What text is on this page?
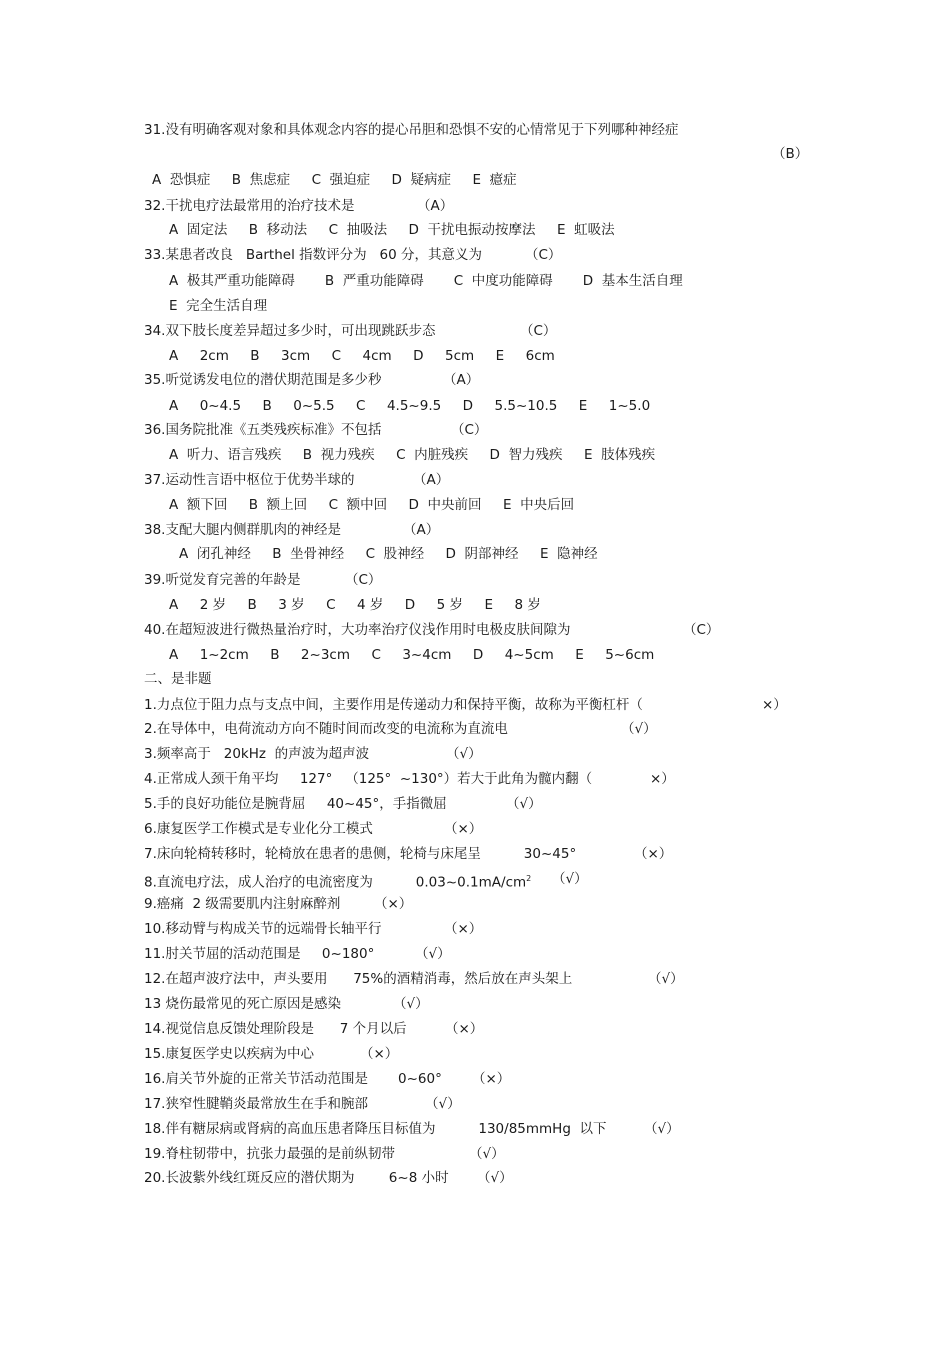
31.没有明确客观对象和具体观念内容的提心吊胆和恐惧不安的心情常见于下列哪种神经症
（B）
A  恐惧症     B  焦虑症     C  强迫症     D  疑病症     E  癔症
32.干扰电疗法最常用的治疗技术是	（A）
A  固定法     B  移动法     C  抽吸法     D  干扰电振动按摩法     E  虹吸法
33.某患者改良   Barthel 指数评分为   60 分，其意义为	（C）
A  极其严重功能障碍       B  严重功能障碍       C  中度功能障碍       D  基本生活自理
E  完全生活自理
34.双下肢长度差异超过多少时，可出现跳跃步态	（C）
A     2cm     B     3cm     C     4cm     D     5cm     E     6cm
35.听觉诱发电位的潜伏期范围是多少秒	（A）
A     0~4.5     B     0~5.5     C     4.5~9.5     D     5.5~10.5     E     1~5.0
36.国务院批准《五类残疾标准》不包括	（C）
A  听力、语言残疾     B  视力残疾     C  内脏残疾     D  智力残疾     E  肢体残疾
37.运动性言语中枢位于优势半球的	（A）
A  额下回     B  额上回     C  额中回     D  中央前回     E  中央后回
38.支配大腿内侧群肌肉的神经是	（A）
A  闭孔神经     B  坐骨神经     C  股神经     D  阴部神经     E  隐神经
39.听觉发育完善的年龄是	（C）
A     2 岁     B     3 岁     C     4 岁     D     5 岁     E     8 岁
40.在超短波进行微热量治疗时，大功率治疗仪浅作用时电极皮肤间隙为	（C）
A     1~2cm     B     2~3cm     C     3~4cm     D     4~5cm     E     5~6cm
二、是非题
1.力点位于阻力点与支点中间，主要作用是传递动力和保持平衡，故称为平衡杠杆（	×）
2.在导体中，电荷流动方向不随时间而改变的电流称为直流电	（√）
3.频率高于   20kHz  的声波为超声波	（√）
4.正常成人颈干角平均     127°   （125°  ~130°）若大于此角为髋内翻（	×）
5.手的良好功能位是腕背屈     40~45°，手指微屈	（√）
6.康复医学工作模式是专业化分工模式	（×）
7.床向轮椅转移时，轮椅放在患者的患侧，轮椅与床尾呈          30~45°	（×）
8.直流电疗法，成人治疗的电流密度为          $0.03\sim 0.1mA/cm^2$ （√）
9.癌痛  2 级需要肌内注射麻醉剂 （×）
10.移动臂与构成关节的远端骨长轴平行	（×）
11.肘关节屈的活动范围是     0~180°	（√）
12.在超声波疗法中，声头要用      75%的酒精消毒，然后放在声头架上	（√）
13 烧伤最常见的死亡原因是感染	（√）
14.视觉信息反馈处理阶段是      7 个月以后	（×）
15.康复医学史以疾病为中心	（×）
16.肩关节外旋的正常关节活动范围是       0~60° （×）
17.狭窄性腱鞘炎最常放生在手和腕部	（√）
18.伴有糖尿病或肾病的高血压患者降压目标值为          130/85mmHg  以下	（√）
19.脊柱韧带中，抗张力最强的是前纵韧带	（√）
20.长波紫外线红斑反应的潜伏期为        6~8 小时 （√）
